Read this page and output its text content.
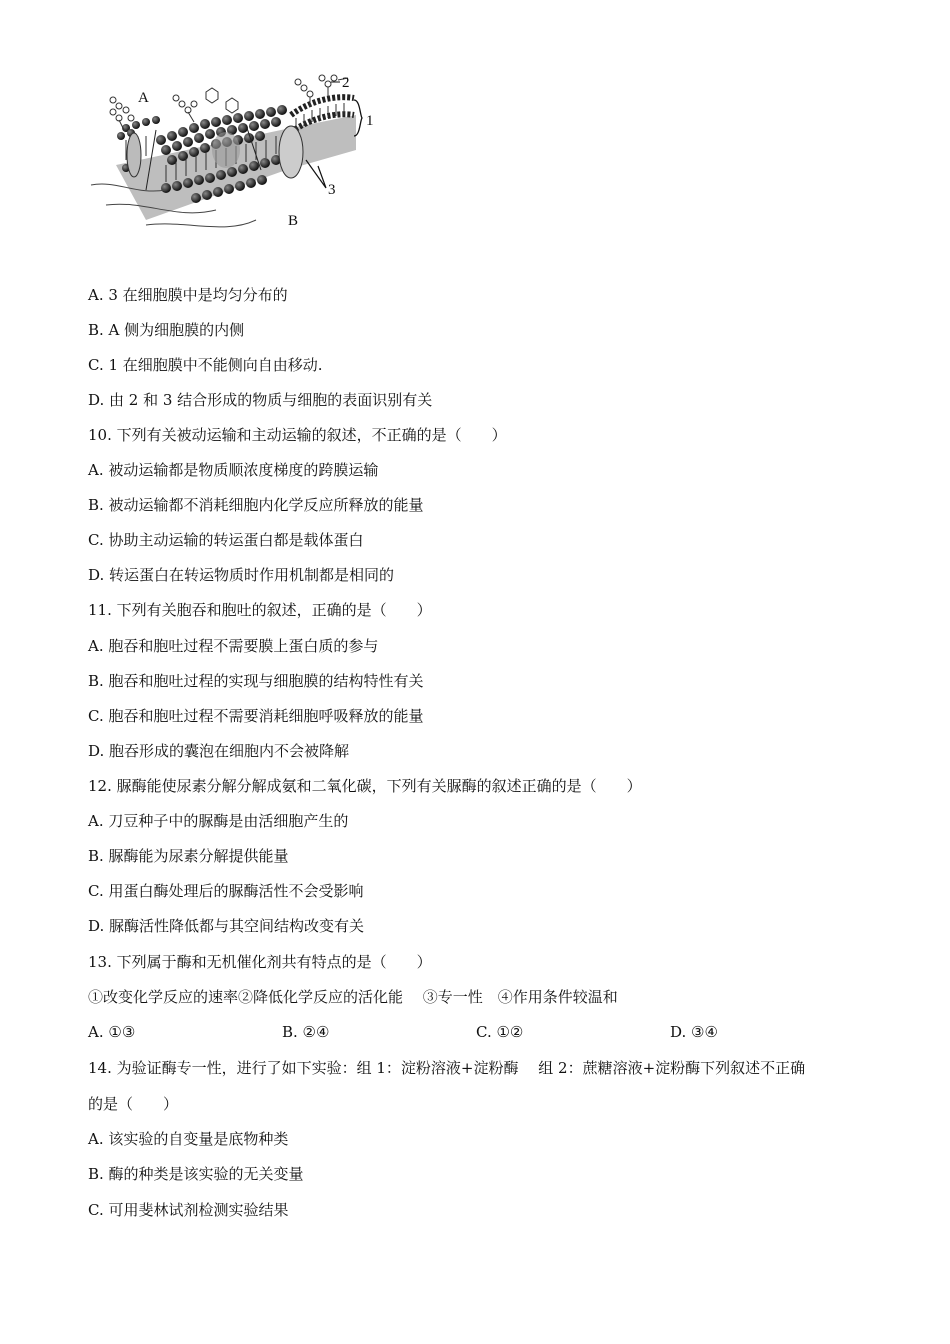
A
B
1
2
3
A. 3 在细胞膜中是均匀分布的
B. A 侧为细胞膜的内侧
C. 1 在细胞膜中不能侧向自由移动.
D. 由 2 和 3 结合形成的物质与细胞的表面识别有关
10. 下列有关被动运输和主动运输的叙述，不正确的是（　　）
A. 被动运输都是物质顺浓度梯度的跨膜运输
B. 被动运输都不消耗细胞内化学反应所释放的能量
C. 协助主动运输的转运蛋白都是载体蛋白
D. 转运蛋白在转运物质时作用机制都是相同的
11. 下列有关胞吞和胞吐的叙述，正确的是（　　）
A. 胞吞和胞吐过程不需要膜上蛋白质的参与
B. 胞吞和胞吐过程的实现与细胞膜的结构特性有关
C. 胞吞和胞吐过程不需要消耗细胞呼吸释放的能量
D. 胞吞形成的囊泡在细胞内不会被降解
12. 脲酶能使尿素分解分解成氨和二氧化碳，下列有关脲酶的叙述正确的是（　　）
A. 刀豆种子中的脲酶是由活细胞产生的
B. 脲酶能为尿素分解提供能量
C. 用蛋白酶处理后的脲酶活性不会受影响
D. 脲酶活性降低都与其空间结构改变有关
13. 下列属于酶和无机催化剂共有特点的是（　　）
①改变化学反应的速率②降低化学反应的活化能　 ③专一性　④作用条件较温和
A. ①③	B. ②④	C. ①②	D. ③④
14. 为验证酶专一性，进行了如下实验：组 1：淀粉溶液+淀粉酶　 组 2：蔗糖溶液+淀粉酶下列叙述不正确
的是（　　）
A. 该实验的自变量是底物种类
B. 酶的种类是该实验的无关变量
C. 可用斐林试剂检测实验结果
